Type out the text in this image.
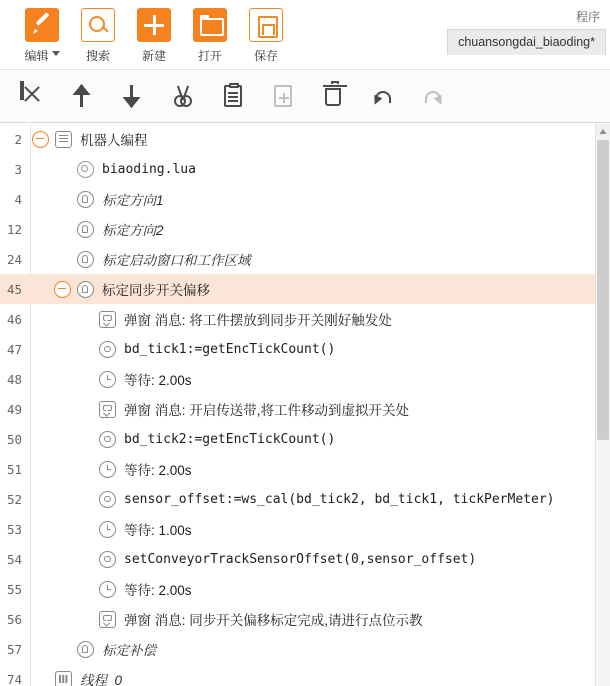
编辑	搜索	新建	打开	保存
程序
chuansongdai_biaoding*
2	机器人编程
3	biaoding.lua
4	标定方向1
12	标定方向2
24	标定启动窗口和工作区域
45	标定同步开关偏移
46	弹窗 消息: 将工件摆放到同步开关刚好触发处
47	bd_tick1:=getEncTickCount()
48	等待: 2.00s
49	弹窗 消息: 开启传送带,将工件移动到虚拟开关处
50	bd_tick2:=getEncTickCount()
51	等待: 2.00s
52	sensor_offset:=ws_cal(bd_tick2, bd_tick1, tickPerMeter)
53	等待: 1.00s
54	setConveyorTrackSensorOffset(0,sensor_offset)
55	等待: 2.00s
56	弹窗 消息: 同步开关偏移标定完成,请进行点位示教
57	标定补偿
74	线程_0
